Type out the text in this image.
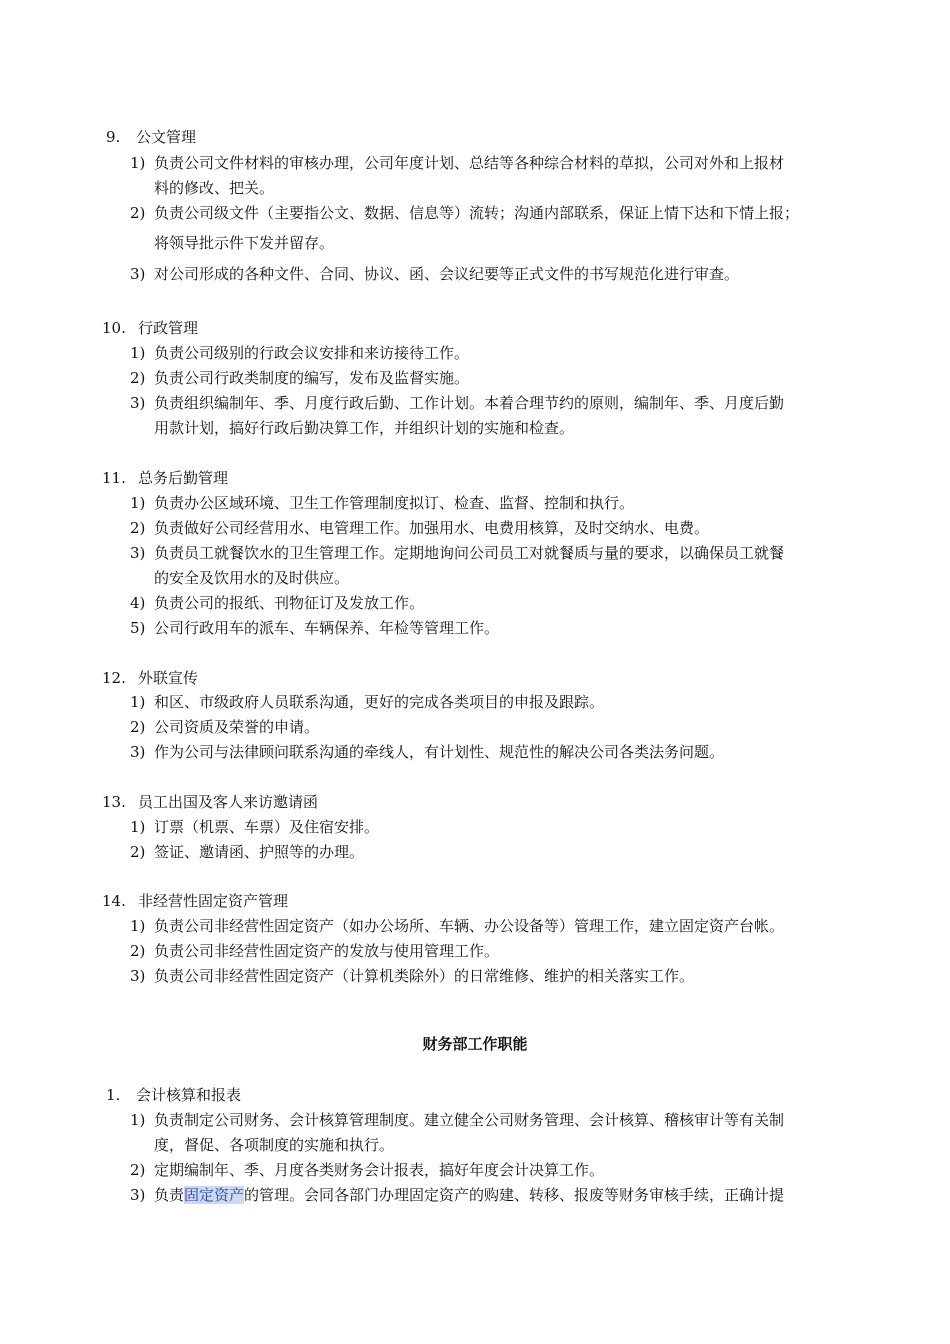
9. 公文管理
1) 负责公司文件材料的审核办理，公司年度计划、总结等各种综合材料的草拟，公司对外和上报材
料的修改、把关。
2) 负责公司级文件（主要指公文、数据、信息等）流转；沟通内部联系，保证上情下达和下情上报；
将领导批示件下发并留存。
3) 对公司形成的各种文件、合同、协议、函、会议纪要等正式文件的书写规范化进行审查。
10. 行政管理
1) 负责公司级别的行政会议安排和来访接待工作。
2) 负责公司行政类制度的编写，发布及监督实施。
3) 负责组织编制年、季、月度行政后勤、工作计划。本着合理节约的原则，编制年、季、月度后勤
用款计划，搞好行政后勤决算工作，并组织计划的实施和检查。
11. 总务后勤管理
1) 负责办公区域环境、卫生工作管理制度拟订、检查、监督、控制和执行。
2) 负责做好公司经营用水、电管理工作。加强用水、电费用核算，及时交纳水、电费。
3) 负责员工就餐饮水的卫生管理工作。定期地询问公司员工对就餐质与量的要求，以确保员工就餐
的安全及饮用水的及时供应。
4) 负责公司的报纸、刊物征订及发放工作。
5) 公司行政用车的派车、车辆保养、年检等管理工作。
12. 外联宣传
1) 和区、市级政府人员联系沟通，更好的完成各类项目的申报及跟踪。
2) 公司资质及荣誉的申请。
3) 作为公司与法律顾问联系沟通的牵线人，有计划性、规范性的解决公司各类法务问题。
13. 员工出国及客人来访邀请函
1) 订票（机票、车票）及住宿安排。
2) 签证、邀请函、护照等的办理。
14. 非经营性固定资产管理
1) 负责公司非经营性固定资产（如办公场所、车辆、办公设备等）管理工作，建立固定资产台帐。
2) 负责公司非经营性固定资产的发放与使用管理工作。
3) 负责公司非经营性固定资产（计算机类除外）的日常维修、维护的相关落实工作。
财务部工作职能
1. 会计核算和报表
1) 负责制定公司财务、会计核算管理制度。建立健全公司财务管理、会计核算、稽核审计等有关制
度，督促、各项制度的实施和执行。
2) 定期编制年、季、月度各类财务会计报表，搞好年度会计决算工作。
3) 负责固定资产的管理。会同各部门办理固定资产的购建、转移、报废等财务审核手续，正确计提
